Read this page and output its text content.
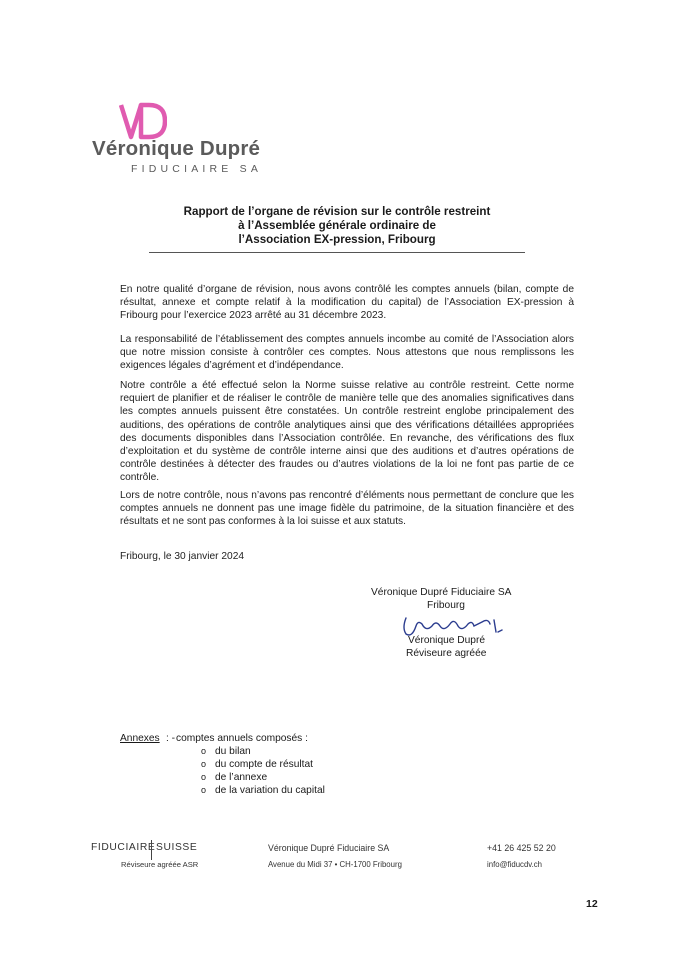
Véronique Dupré
FIDUCIAIRE SA
Rapport de l’organe de révision sur le contrôle restreint
à l’Assemblée générale ordinaire de
l’Association EX-pression, Fribourg
En notre qualité d’organe de révision, nous avons contrôlé les comptes annuels (bilan, compte de résultat, annexe et compte relatif à la modification du capital) de l’Association EX-pression à Fribourg pour l’exercice 2023 arrêté au 31 décembre 2023.
La responsabilité de l’établissement des comptes annuels incombe au comité de l’Association alors que notre mission consiste à contrôler ces comptes. Nous attestons que nous remplissons les exigences légales d’agrément et d’indépendance.
Notre contrôle a été effectué selon la Norme suisse relative au contrôle restreint. Cette norme requiert de planifier et de réaliser le contrôle de manière telle que des anomalies significatives dans les comptes annuels puissent être constatées. Un contrôle restreint englobe principalement des auditions, des opérations de contrôle analytiques ainsi que des vérifications détaillées appropriées des documents disponibles dans l’Association contrôlée. En revanche, des vérifications des flux d’exploitation et du système de contrôle interne ainsi que des auditions et d’autres opérations de contrôle destinées à détecter des fraudes ou d’autres violations de la loi ne font pas partie de ce contrôle.
Lors de notre contrôle, nous n’avons pas rencontré d’éléments nous permettant de conclure que les comptes annuels ne donnent pas une image fidèle du patrimoine, de la situation financière et des résultats et ne sont pas conformes à la loi suisse et aux statuts.
Fribourg, le 30 janvier 2024
Véronique Dupré Fiduciaire SA
Fribourg
Véronique Dupré
Réviseure agréée
Annexes : - comptes annuels composés :
o du bilan
o du compte de résultat
o de l’annexe
o de la variation du capital
FIDUCIAIRE SUISSE
Réviseure agréée ASR
Véronique Dupré Fiduciaire SA
Avenue du Midi 37 • CH-1700 Fribourg
+41 26 425 52 20
info@fiducdv.ch
12
